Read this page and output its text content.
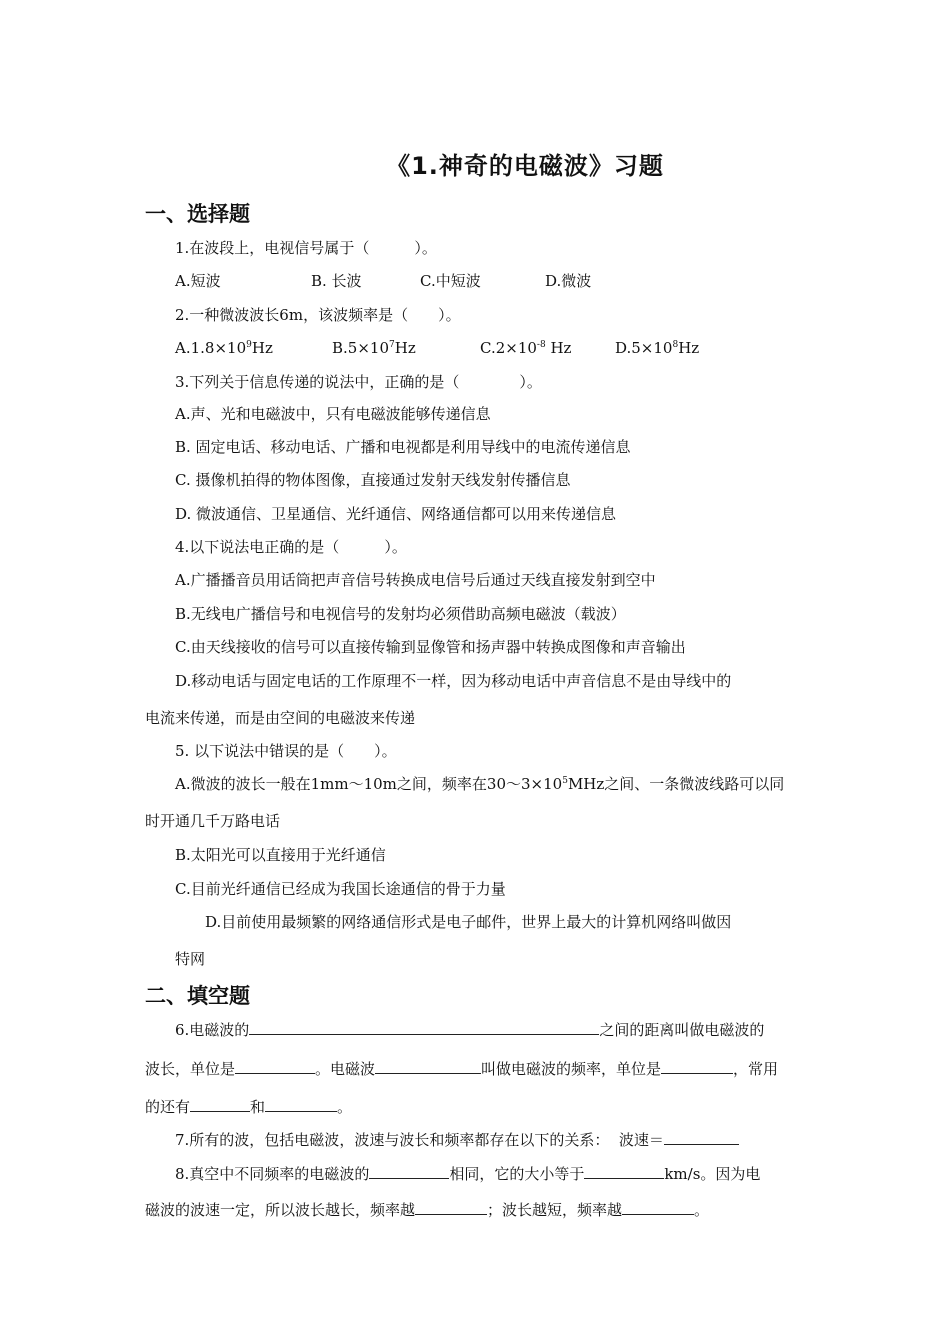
《1.神奇的电磁波》习题
一、选择题
1.在波段上，电视信号属于（　　　）。
A.短波	B. 长波	C.中短波	D.微波
2.一种微波波长6m，该波频率是（　　）。
$A.1.8\times 10^9Hz$	$B.5\times 10^7Hz$	$C.2\times 10^{-8}$ Hz	$D.5\times 10^8Hz$
3.下列关于信息传递的说法中，正确的是（　　　　）。
A.声、光和电磁波中，只有电磁波能够传递信息
B. 固定电话、移动电话、广播和电视都是利用导线中的电流传递信息
C. 摄像机拍得的物体图像，直接通过发射天线发射传播信息
D. 微波通信、卫星通信、光纤通信、网络通信都可以用来传递信息
4.以下说法电正确的是（　　　）。
A.广播播音员用话筒把声音信号转换成电信号后通过天线直接发射到空中
B.无线电广播信号和电视信号的发射均必须借助高频电磁波（载波）
C.由天线接收的信号可以直接传输到显像管和扬声器中转换成图像和声音输出
D.移动电话与固定电话的工作原理不一样，因为移动电话中声音信息不是由导线中的
电流来传递，而是由空间的电磁波来传递
5. 以下说法中错误的是（　　）。
A.微波的波长一般在1mm～10m之间，频率在$30\sim 3\times 10^5MHz$之间、一条微波线路可以同
时开通几千万路电话
B.太阳光可以直接用于光纤通信
C.目前光纤通信已经成为我国长途通信的骨于力量
D.目前使用最频繁的网络通信形式是电子邮件，世界上最大的计算机网络叫做因
特网
二、填空题
6.电磁波的	之间的距离叫做电磁波的
波长，单位是	。电磁波	叫做电磁波的频率，单位是	，常用
的还有	和	。
7.所有的波，包括电磁波，波速与波长和频率都存在以下的关系： 波速＝
8.真空中不同频率的电磁波的	相同，它的大小等于	km/s。因为电
磁波的波速一定，所以波长越长，频率越	；波长越短，频率越	。
